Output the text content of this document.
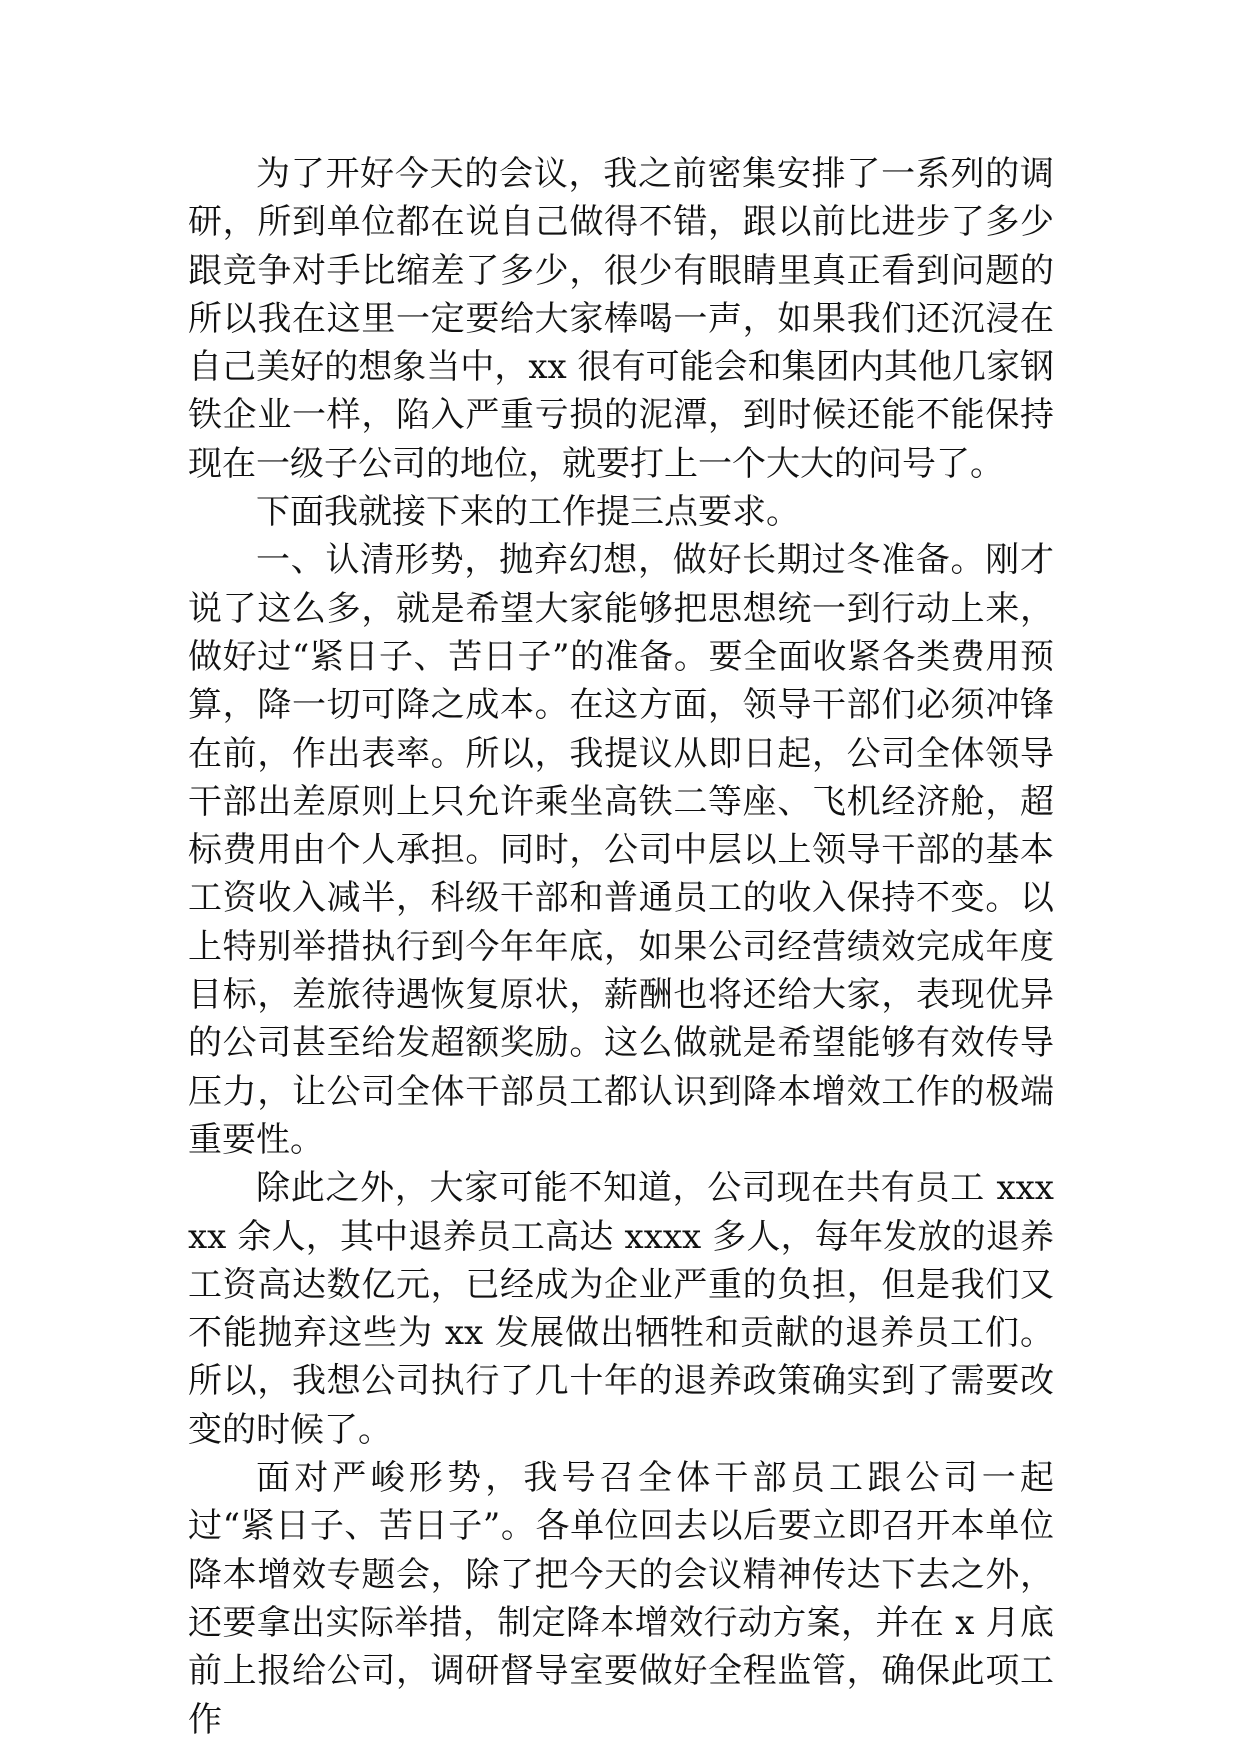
为了开好今天的会议，我之前密集安排了一系列的调研，所到单位都在说自己做得不错，跟以前比进步了多少跟竞争对手比缩差了多少，很少有眼睛里真正看到问题的所以我在这里一定要给大家棒喝一声，如果我们还沉浸在自己美好的想象当中，xx 很有可能会和集团内其他几家钢铁企业一样，陷入严重亏损的泥潭，到时候还能不能保持现在一级子公司的地位，就要打上一个大大的问号了。

下面我就接下来的工作提三点要求。

一、认清形势，抛弃幻想，做好长期过冬准备。刚才说了这么多，就是希望大家能够把思想统一到行动上来，做好过“紧日子、苦日子”的准备。要全面收紧各类费用预算，降一切可降之成本。在这方面，领导干部们必须冲锋在前，作出表率。所以，我提议从即日起，公司全体领导干部出差原则上只允许乘坐高铁二等座、飞机经济舱，超标费用由个人承担。同时，公司中层以上领导干部的基本工资收入减半，科级干部和普通员工的收入保持不变。以上特别举措执行到今年年底，如果公司经营绩效完成年度目标，差旅待遇恢复原状，薪酬也将还给大家，表现优异的公司甚至给发超额奖励。这么做就是希望能够有效传导压力，让公司全体干部员工都认识到降本增效工作的极端重要性。

除此之外，大家可能不知道，公司现在共有员工 xxxxx 余人，其中退养员工高达 xxxx 多人，每年发放的退养工资高达数亿元，已经成为企业严重的负担，但是我们又不能抛弃这些为 xx 发展做出牺牲和贡献的退养员工们。所以，我想公司执行了几十年的退养政策确实到了需要改变的时候了。

面对严峻形势，我号召全体干部员工跟公司一起过“紧日子、苦日子”。各单位回去以后要立即召开本单位降本增效专题会，除了把今天的会议精神传达下去之外，还要拿出实际举措，制定降本增效行动方案，并在 x 月底前上报给公司，调研督导室要做好全程监管，确保此项工作
